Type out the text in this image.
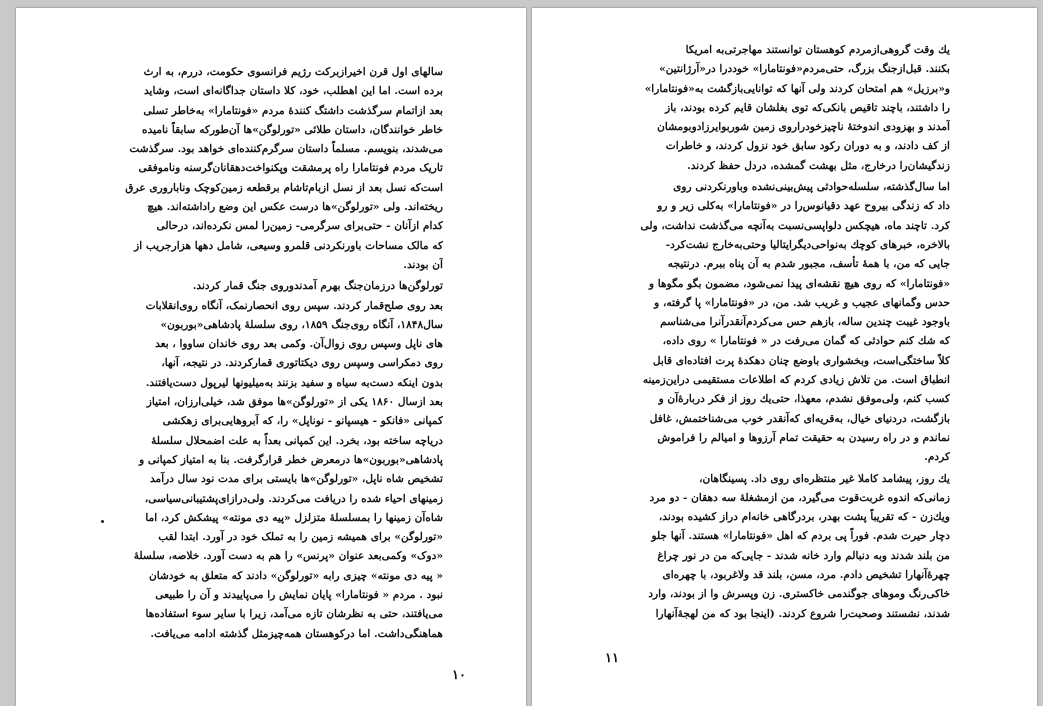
سالهای اول قرن اخیرازبرکت رژیم فرانسوی حکومت، دررم، به ارث
برده است. اما این اهطلب، خود، کلا داستان جداگانه‌ای است، وشاید
بعد ازاتمام سرگذشت داشتگ کنندهٔ مردم «فونتامارا» به‌خاطر تسلی
خاطر خوانندگان، داستان طلائی «تورلوگن»ها آن‌طورکه سابقاً نامیده
می‌شدند، بنویسم. مسلماً داستان سرگرم‌کننده‌ای خواهد بود. سرگذشت
تاریک مردم فونتامارا راه پرمشقت وپکنواخت‌دهقانان‌گرسنه وناموفقی
است‌که نسل بعد از نسل ازبام‌تاشام برقطعه زمین‌کوچک وناباروری عرق
ریخته‌اند. ولی «تورلوگن»ها درست عکس این وضع راداشته‌اند. هیچ
کدام ازآنان - حتی‌برای سرگرمی- زمین‌را لمس نکرده‌اند، درحالی
که مالک مساحات باورنکردنی قلمرو وسیعی، شامل دهها هزارجریب از
آن بودند.
تورلوگن‌ها درزمان‌جنگ بهرم آمدندوروی جنگ قمار کردند.
بعد روی صلح‌قمار کردند. سپس روی انحصارنمک، آنگاه روی‌انقلابات
سال۱۸۴۸، آنگاه روی‌جنگ ۱۸۵۹، روی سلسلهٔ پادشاهی«بوربون»
های ناپل وسپس روی زوال‌آن. وکمی بعد روی خاندان ساووا ، بعد
روی دمکراسی وسپس روی دیکتاتوری قمارکردند. در نتیجه، آنها،
بدون اینکه دست‌به سیاه و سفید بزنند به‌میلیونها لیرپول دست‌یافتند.
بعد ازسال ۱۸۶۰ یکی از «تورلوگن»ها موفق شد، خیلی‌ارزان، امتیاز
کمپانی «فانکو - هیسپانو - نوناپل» را، که آبروهایی‌برای زهکشی
دریاچه ساخته بود، بخرد. این کمپانی بعداً به علت اضمحلال سلسلهٔ
پادشاهی«بوربون»ها درمعرض خطر قرارگرفت. بنا به امتیاز کمپانی و
تشخیص شاه ناپل، «تورلوگن»ها بایستی برای مدت نود سال درآمد
زمینهای احیاء شده را دریافت می‌کردند. ولی‌درازای‌پشتیبانی‌سیاسی،
شاه‌آن زمینها را بمسلسلهٔ متزلزل «پیه دی مونته» پیشکش کرد، اما
«تورلوگن» برای همیشه زمین را به تملک خود در آورد. ابتدا لقب
«دوک» وکمی‌بعد عنوان «پرنس» را هم به دست آورد. خلاصه، سلسلهٔ
« پیه دی مونته» چیزی رابه «تورلوگن» دادند که متعلق به خودشان
نبود . مردم « فونتامارا» پایان نمایش را می‌پاییدند و آن را طبیعی
می‌یافتند، حتی به نظرشان تازه می‌آمد، زیرا با سایر سوء استفاده‌ها
هماهنگی‌داشت. اما درکوهستان همه‌چیزمثل گذشته ادامه می‌یافت.
۱۰
یك وقت گروهی‌ازمردم کوهستان توانستند مهاجرتی‌به امریکا
بکنند. قبل‌ازجنگ بزرگ، حتی‌مردم«فونتامارا» خوددرا در«آرژانتین»
و«برزیل» هم امتحان کردند ولی آنها که توانایی‌بازگشت به«فونتامارا»
را داشتند، باچند تاقیص بانکی‌که توی بغلشان قایم کرده بودند، باز
آمدند و بهزودی اندوختهٔ ناچیزخودراروی زمین شوربوایرزادوبومشان
از کف دادند، و به دوران رکود سابق خود نزول کردند، و خاطرات
زندگیشان‌را درخارج، مثل بهشت گمشده، دردل حفظ کردند.
اما سال‌گذشته، سلسله‌حوادثی پیش‌بینی‌نشده وباورنکردنی روی
داد که زندگی بیروح عهد دقیانوس‌را در «فونتامارا» به‌کلی زیر و رو
کرد. تاچند ماه، هیچکس دلواپسی‌نسبت به‌آنچه می‌گذشت نداشت، ولی
بالاخره، خبرهای کوچك به‌نواحی‌دیگرایتالیا وحتی‌به‌خارج نشت‌کرد-
جایی که من، با همهٔ تأسف، مجبور شدم به آن پناه ببرم. درنتیجه
«فونتامارا» که روی هیچ نقشه‌ای پیدا نمی‌شود، مضمون بگو مگوها و
حدس وگمانهای عجیب و غریب شد. من، در «فونتامارا» پا گرفته، و
باوجود غیبت چندین ساله، بازهم حس می‌کردم‌آنقدر‌آنرا می‌شناسم
که شك کنم حوادثی که گمان می‌رفت در « فونتامارا » روی داده،
کلاً ساختگی‌است، وبخشواری باوضع چنان دهکدهٔ پرت افتاده‌ای قابل
انطباق است. من تلاش زیادی کردم که اطلاعات مستقیمی دراین‌زمینه
کسب کنم، ولی‌موفق نشدم، معهذا، حتی‌یك روز از فکر دربارهٔ‌آن و
بازگشت، دردنیای خیال، به‌قریه‌ای که‌آنقدر خوب می‌شناختمش، غافل
نماندم و در راه رسیدن به حقیقت تمام آرزوها و امیالم را فراموش
کردم.
یك روز، پیشامد کاملا غیر منتظره‌ای روی داد. پسینگاهان،
زمانی‌که اندوه غربت‌قوت می‌گیرد، من ازمشغلهٔ سه دهقان - دو مرد
ویك‌زن - که تقریباً پشت بهدر، بردرگاهی خانه‌ام دراز کشیده بودند،
دچار حیرت شدم. فوراً پی بردم که اهل «فونتامارا» هستند. آنها جلو
من بلند شدند وبه دنبالم وارد خانه شدند - جایی‌که من در نور چراغ
چهرهٔ‌آنهارا تشخیص دادم. مرد، مسن، بلند قد ولاغربود، با چهره‌ای
خاکی‌رنگ وموهای جوگندمی خاکستری. زن وپسرش وا از بودند، وارد
شدند، نشستند وصحبت‌را شروع کردند. (اینجا بود که من لهجهٔ‌آنهارا
۱۱
